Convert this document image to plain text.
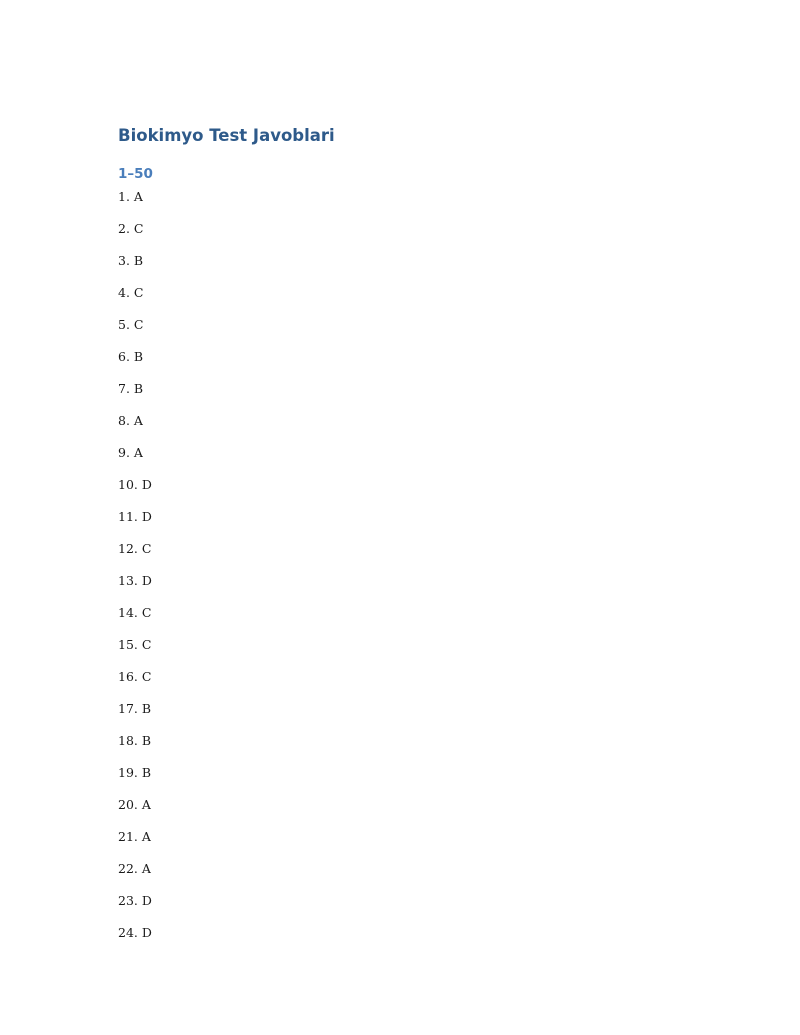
Biokimyo Test Javoblari
1–50
1. A
2. C
3. B
4. C
5. C
6. B
7. B
8. A
9. A
10. D
11. D
12. C
13. D
14. C
15. C
16. C
17. B
18. B
19. B
20. A
21. A
22. A
23. D
24. D
